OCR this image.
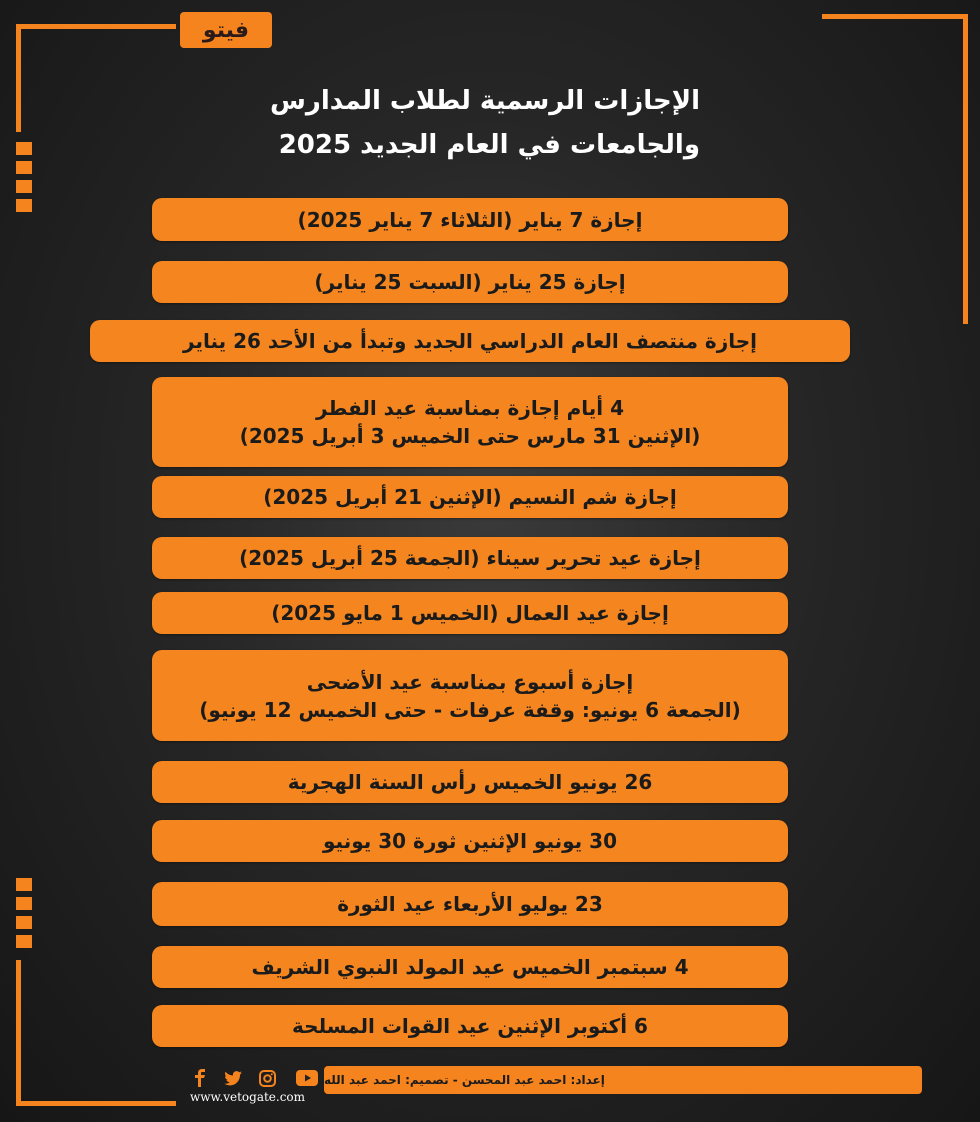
فيتو
الإجازات الرسمية لطلاب المدارس
والجامعات في العام الجديد 2025
إجازة 7 يناير (الثلاثاء 7 يناير 2025)
إجازة 25 يناير (السبت 25 يناير)
إجازة منتصف العام الدراسي الجديد وتبدأ من الأحد 26 يناير
4 أيام إجازة بمناسبة عيد الفطر
(الإثنين 31 مارس حتى الخميس 3 أبريل 2025)
إجازة شم النسيم (الإثنين 21 أبريل 2025)
إجازة عيد تحرير سيناء (الجمعة 25 أبريل 2025)
إجازة عيد العمال (الخميس 1 مايو 2025)
إجازة أسبوع بمناسبة عيد الأضحى
(الجمعة 6 يونيو: وقفة عرفات - حتى الخميس 12 يونيو)
26 يونيو الخميس رأس السنة الهجرية
30 يونيو الإثنين ثورة 30 يونيو
23 يوليو الأربعاء عيد الثورة
4 سبتمبر الخميس عيد المولد النبوي الشريف
6 أكتوبر الإثنين عيد القوات المسلحة
إعداد: احمد عبد المحسن - تصميم: احمد عبد الله
www.vetogate.com
